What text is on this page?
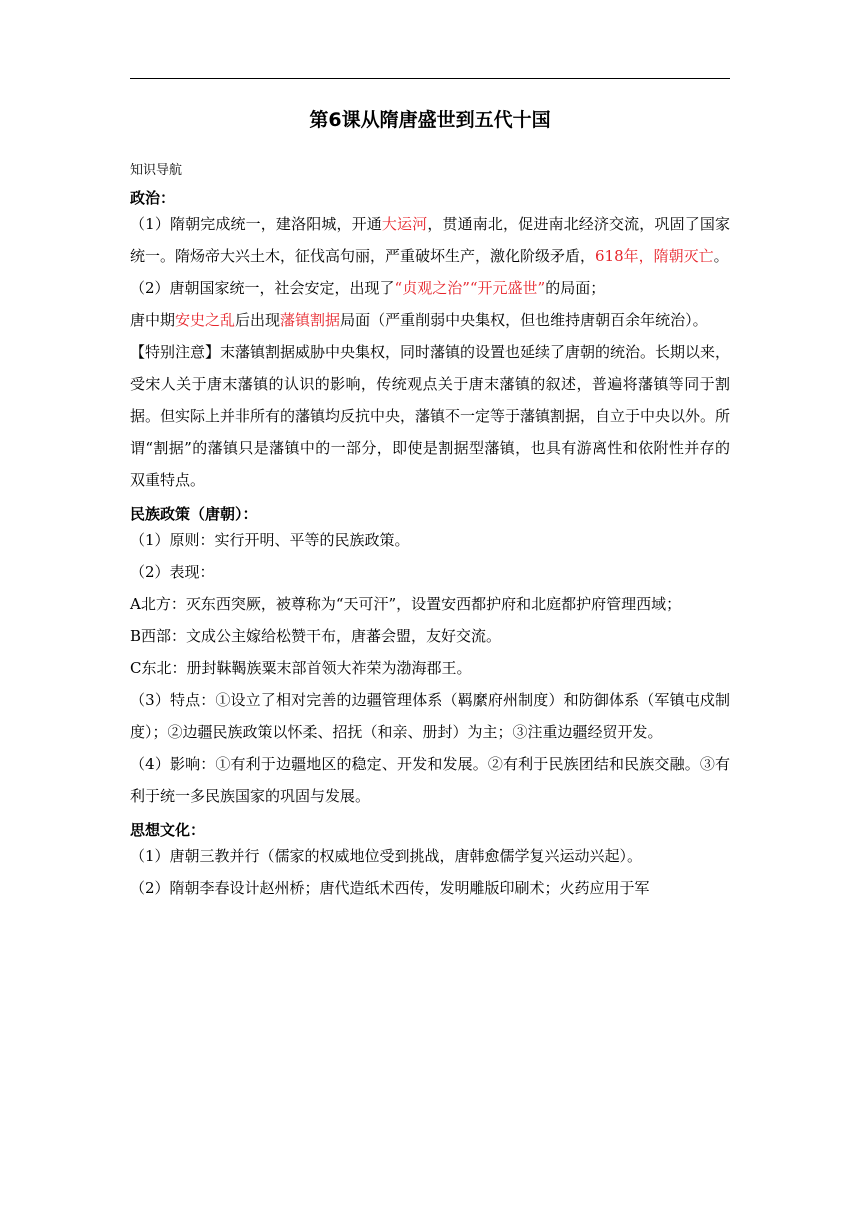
第6课从隋唐盛世到五代十国
知识导航
政治：

（1）隋朝完成统一，建洛阳城，开通大运河，贯通南北，促进南北经济交流，巩固了国家统一。隋炀帝大兴土木，征伐高句丽，严重破坏生产，激化阶级矛盾，618年，隋朝灭亡。

（2）唐朝国家统一，社会安定，出现了“贞观之治”“开元盛世”的局面；

唐中期安史之乱后出现藩镇割据局面（严重削弱中央集权，但也维持唐朝百余年统治）。

【特别注意】末藩镇割据威胁中央集权，同时藩镇的设置也延续了唐朝的统治。长期以来，受宋人关于唐末藩镇的认识的影响，传统观点关于唐末藩镇的叙述，普遍将藩镇等同于割据。但实际上并非所有的藩镇均反抗中央，藩镇不一定等于藩镇割据，自立于中央以外。所谓“割据”的藩镇只是藩镇中的一部分，即使是割据型藩镇，也具有游离性和依附性并存的双重特点。

民族政策（唐朝）：

（1）原则：实行开明、平等的民族政策。

（2）表现：

A北方：灭东西突厥，被尊称为“天可汗”，设置安西都护府和北庭都护府管理西域；

B西部：文成公主嫁给松赞干布，唐蕃会盟，友好交流。

C东北：册封靺鞨族粟末部首领大祚荣为渤海郡王。

（3）特点：①设立了相对完善的边疆管理体系（羁縻府州制度）和防御体系（军镇屯戍制度）；②边疆民族政策以怀柔、招抚（和亲、册封）为主；③注重边疆经贸开发。

（4）影响：①有利于边疆地区的稳定、开发和发展。②有利于民族团结和民族交融。③有利于统一多民族国家的巩固与发展。

思想文化：

（1）唐朝三教并行（儒家的权威地位受到挑战，唐韩愈儒学复兴运动兴起）。

（2）隋朝李春设计赵州桥；唐代造纸术西传，发明雕版印刷术；火药应用于军
